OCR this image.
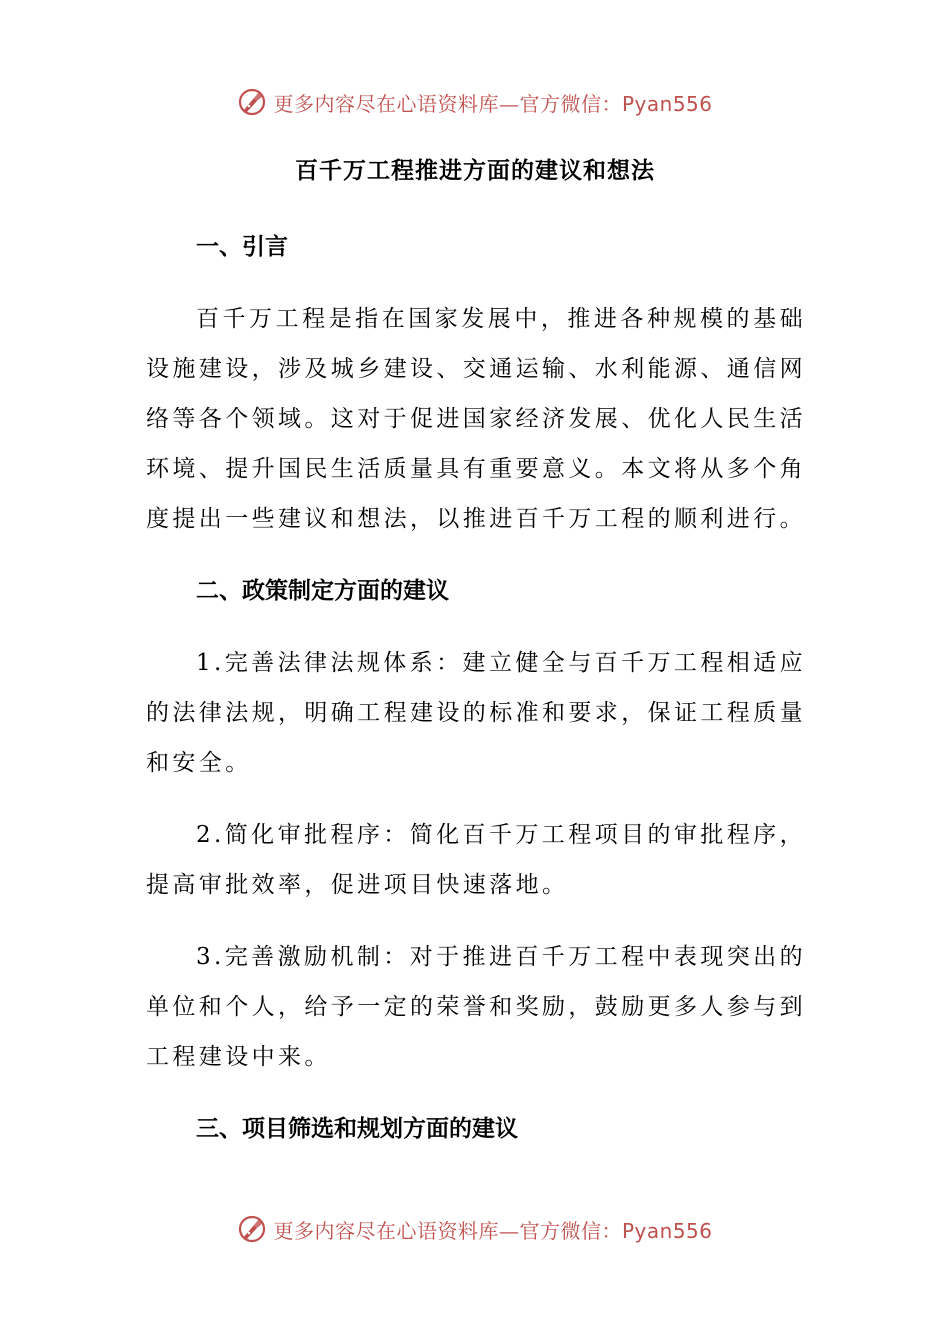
更多内容尽在心语资料库—官方微信：Pyan556
百千万工程推进方面的建议和想法
一、引言

百千万工程是指在国家发展中，推进各种规模的基础设施建设，涉及城乡建设、交通运输、水利能源、通信网络等各个领域。这对于促进国家经济发展、优化人民生活环境、提升国民生活质量具有重要意义。本文将从多个角度提出一些建议和想法，以推进百千万工程的顺利进行。

二、政策制定方面的建议

1.完善法律法规体系：建立健全与百千万工程相适应的法律法规，明确工程建设的标准和要求，保证工程质量和安全。

2.简化审批程序：简化百千万工程项目的审批程序，提高审批效率，促进项目快速落地。

3.完善激励机制：对于推进百千万工程中表现突出的单位和个人，给予一定的荣誉和奖励，鼓励更多人参与到工程建设中来。

三、项目筛选和规划方面的建议
更多内容尽在心语资料库—官方微信：Pyan556
